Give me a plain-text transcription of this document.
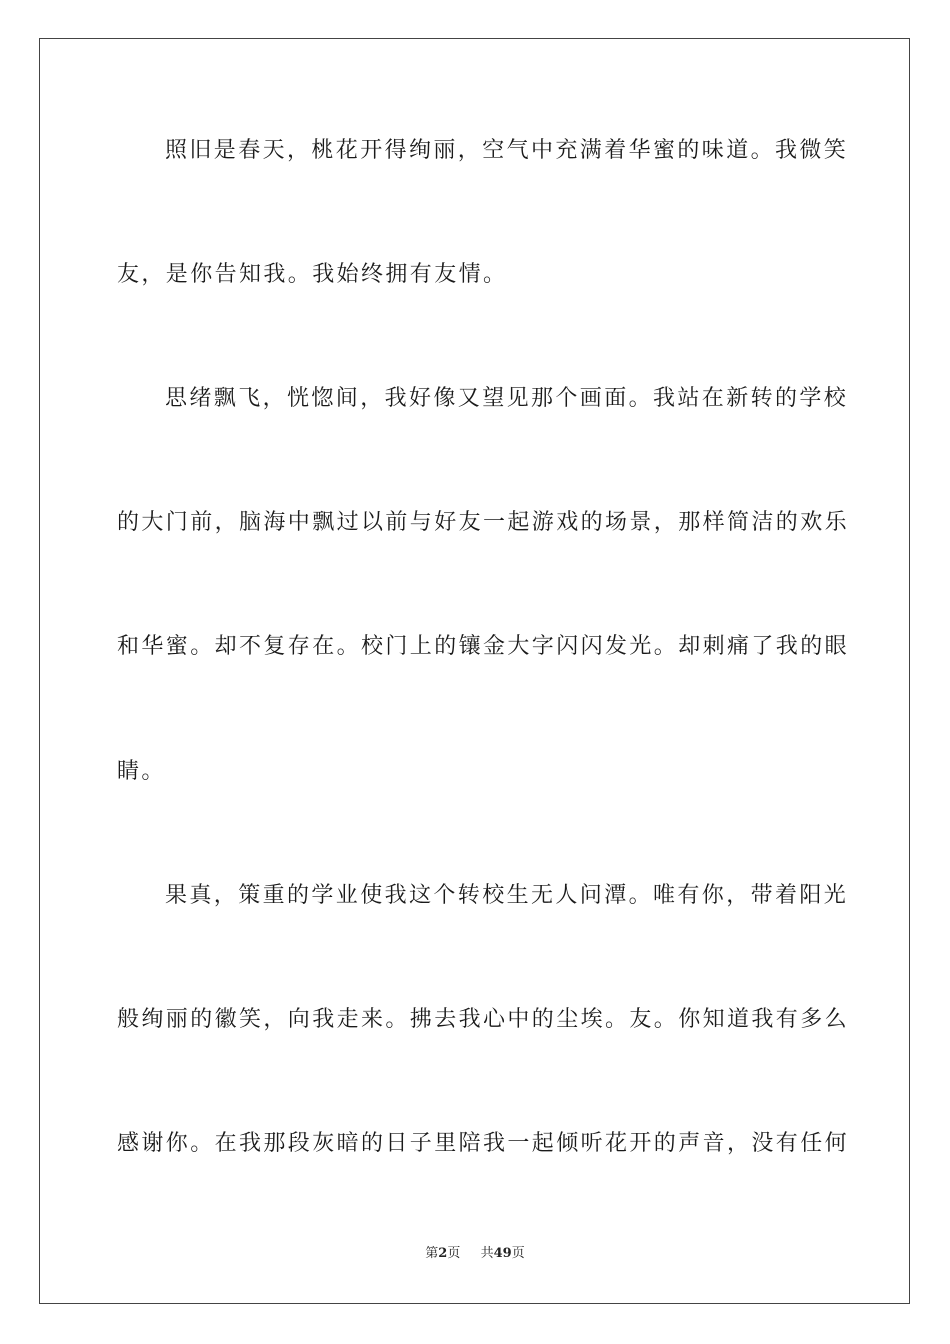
照旧是春天，桃花开得绚丽，空气中充满着华蜜的味道。我微笑
友，是你告知我。我始终拥有友情。
思绪飘飞，恍惚间，我好像又望见那个画面。我站在新转的学校
的大门前，脑海中飘过以前与好友一起游戏的场景，那样简洁的欢乐
和华蜜。却不复存在。校门上的镶金大字闪闪发光。却刺痛了我的眼
睛。
果真，策重的学业使我这个转校生无人问潭。唯有你，带着阳光
般绚丽的徽笑，向我走来。拂去我心中的尘埃。友。你知道我有多么
感谢你。在我那段灰暗的日子里陪我一起倾听花开的声音，没有任何
第2页 共49页
